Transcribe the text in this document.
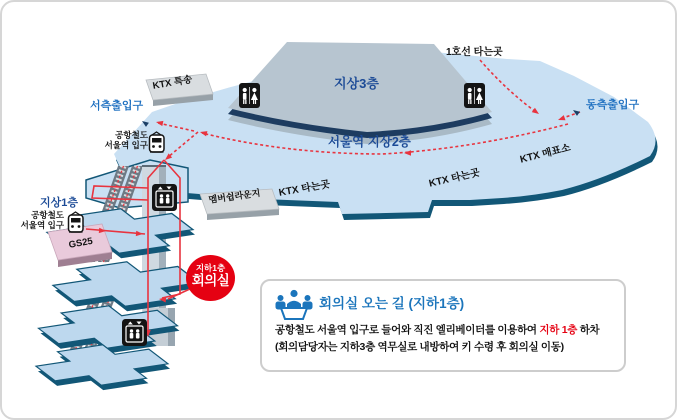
1호선 타는곳
KTX 특송
서측출입구	동측출입구
지상3층
서울역 지상2층
공항철도
서울역 입구	KTX 매표소
KTX 타는곳
KTX 타는곳
멤버쉽라운지
지상1층
공항철도
서울역 입구
GS25
지하1층
회의실
회의실 오는 길 (지하1층)
공항철도 서울역 입구로 들어와 직진 엘리베이터를 이용하여 지하 1층 하차
(회의담당자는 지하3층 역무실로 내방하여 키 수령 후 회의실 이동)
